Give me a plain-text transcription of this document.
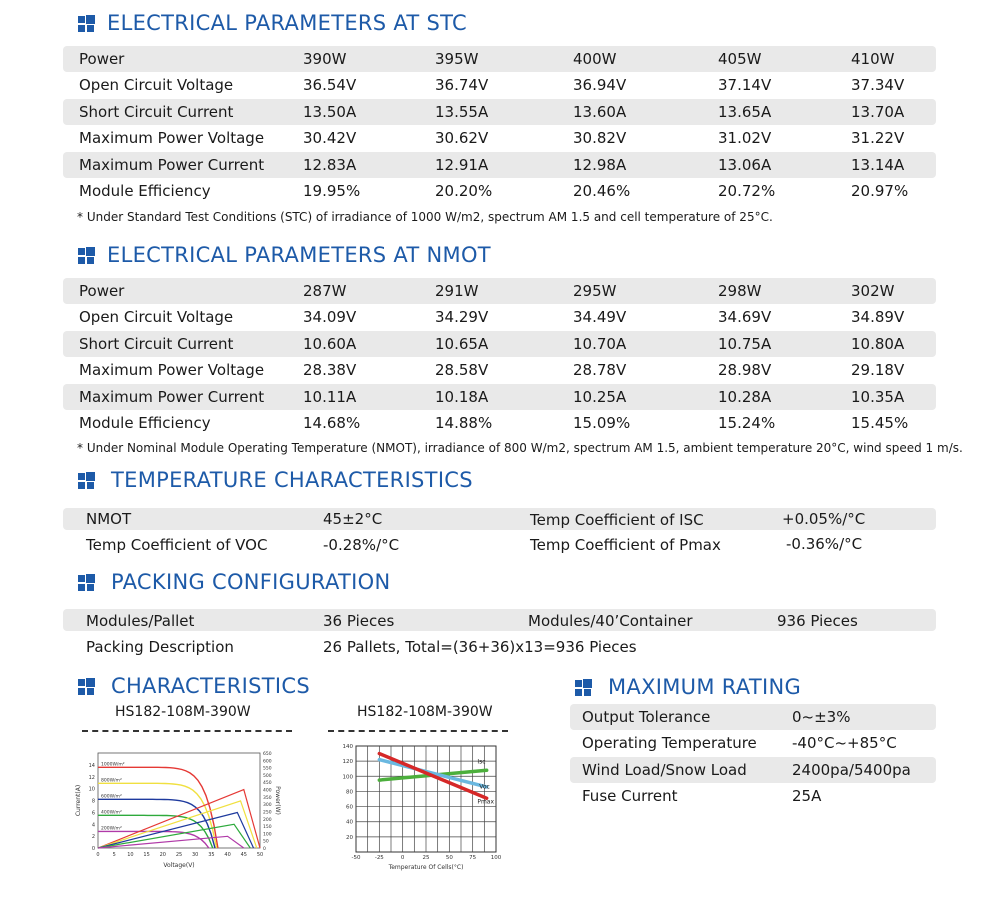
ELECTRICAL PARAMETERS AT STC
Power	390W	395W	400W	405W	410W
Open Circuit Voltage	36.54V	36.74V	36.94V	37.14V	37.34V
Short Circuit Current	13.50A	13.55A	13.60A	13.65A	13.70A
Maximum Power Voltage	30.42V	30.62V	30.82V	31.02V	31.22V
Maximum Power Current	12.83A	12.91A	12.98A	13.06A	13.14A
Module Efficiency	19.95%	20.20%	20.46%	20.72%	20.97%
* Under Standard Test Conditions (STC) of irradiance of 1000 W/m2, spectrum AM 1.5 and cell temperature of 25°C.
ELECTRICAL PARAMETERS AT NMOT
Power	287W	291W	295W	298W	302W
Open Circuit Voltage	34.09V	34.29V	34.49V	34.69V	34.89V
Short Circuit Current	10.60A	10.65A	10.70A	10.75A	10.80A
Maximum Power Voltage	28.38V	28.58V	28.78V	28.98V	29.18V
Maximum Power Current	10.11A	10.18A	10.25A	10.28A	10.35A
Module Efficiency	14.68%	14.88%	15.09%	15.24%	15.45%
* Under Nominal Module Operating Temperature (NMOT), irradiance of 800 W/m2, spectrum AM 1.5, ambient temperature 20°C, wind speed 1 m/s.
TEMPERATURE CHARACTERISTICS
NMOT	45±2°C	Temp Coefficient of ISC	+0.05%/°C
Temp Coefficient of VOC	-0.28%/°C	Temp Coefficient of Pmax	-0.36%/°C
PACKING CONFIGURATION
Modules/Pallet	36 Pieces	Modules/40’Container	936 Pieces
Packing Description	26 Pallets, Total=(36+36)x13=936 Pieces
CHARACTERISTICS
HS182-108M-390W	HS182-108M-390W
0	5 10 15 20 25 30 35 40 45 50
0
2
4
6
8
10
12
14
0
50
100
150
200
250
300
350
400
450
500
550
600
650
Voltage(V)
Current(A)	Power(W)
1000W/m²
800W/m²
600W/m²
400W/m²
200W/m²
-50	-25	0	25	50	75	100
20
40
60
80
100
120
140
Temperature Of Cells(°C)
Isc
Voc
Pmax
MAXIMUM RATING
Output Tolerance	0~±3%
Operating Temperature -40°C~+85°C
Wind Load/Snow Load	2400pa/5400pa
Fuse Current	25A
